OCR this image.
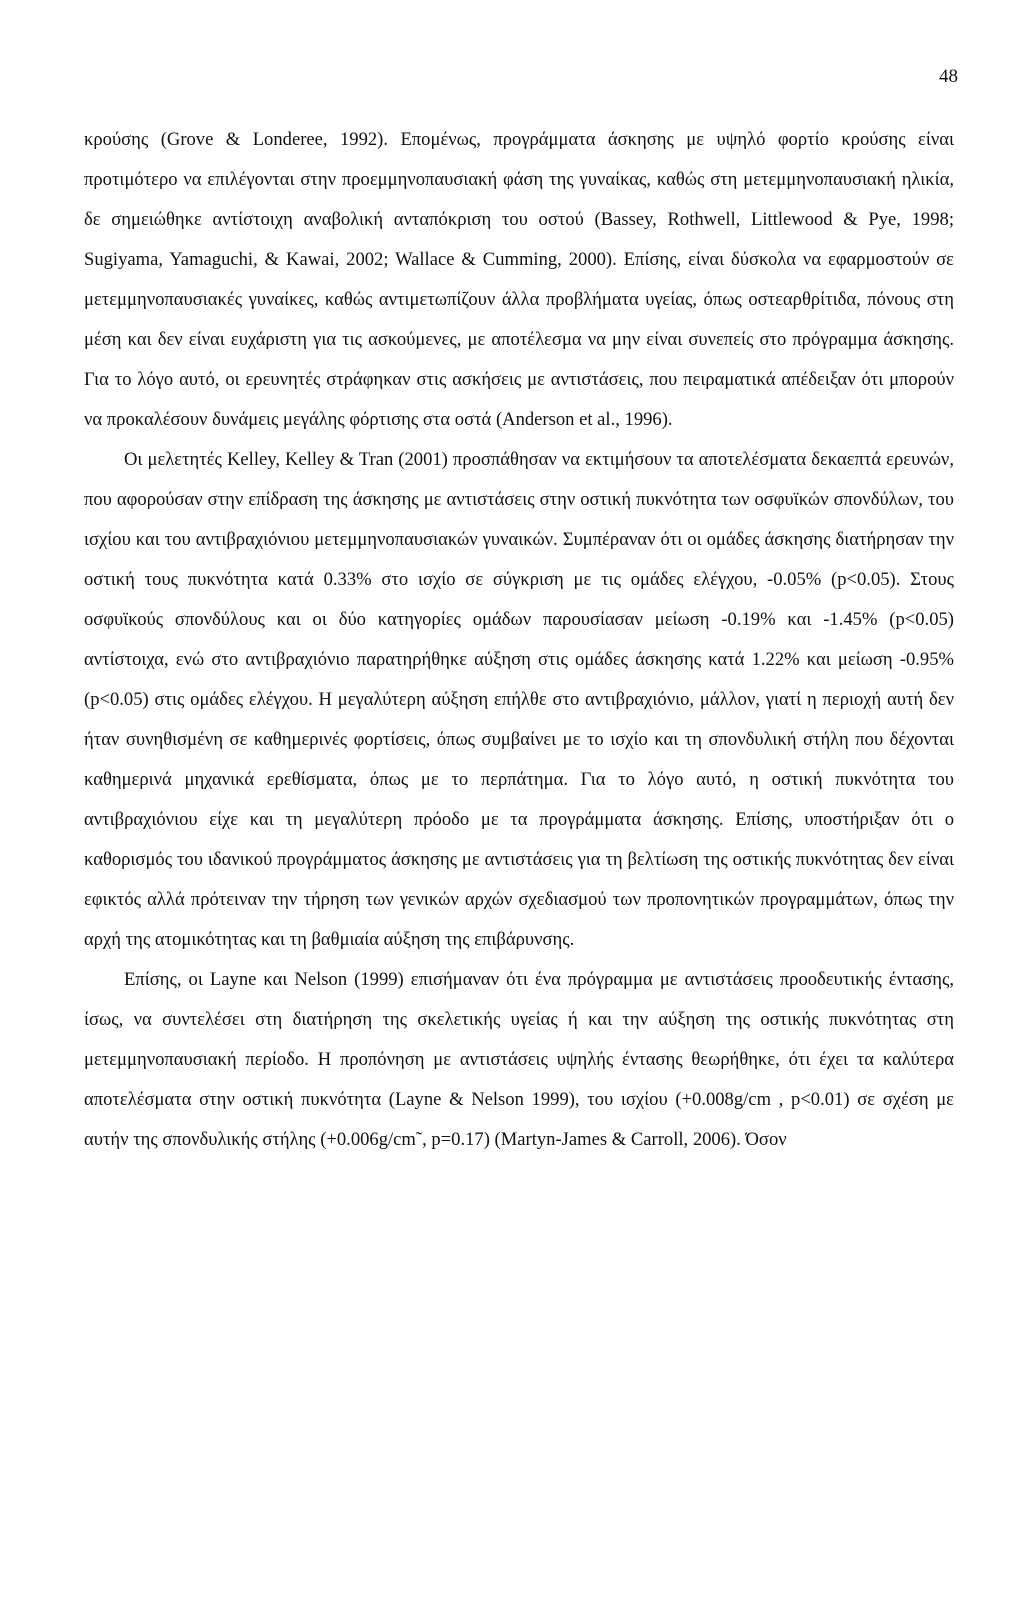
48

κρούσης (Grove & Londeree, 1992). Επομένως, προγράμματα άσκησης με υψηλό φορτίο κρούσης είναι προτιμότερο να επιλέγονται στην προεμμηνοπαυσιακή φάση της γυναίκας, καθώς στη μετεμμηνοπαυσιακή ηλικία, δε σημειώθηκε αντίστοιχη αναβολική ανταπόκριση του οστού (Bassey, Rothwell, Littlewood & Pye, 1998; Sugiyama, Yamaguchi, & Kawai, 2002; Wallace & Cumming, 2000). Επίσης, είναι δύσκολα να εφαρμοστούν σε μετεμμηνοπαυσιακές γυναίκες, καθώς αντιμετωπίζουν άλλα προβλήματα υγείας, όπως οστεαρθρίτιδα, πόνους στη μέση και δεν είναι ευχάριστη για τις ασκούμενες, με αποτέλεσμα να μην είναι συνεπείς στο πρόγραμμα άσκησης. Για το λόγο αυτό, οι ερευνητές στράφηκαν στις ασκήσεις με αντιστάσεις, που πειραματικά απέδειξαν ότι μπορούν να προκαλέσουν δυνάμεις μεγάλης φόρτισης στα οστά (Anderson et al., 1996).

Οι μελετητές Kelley, Kelley & Tran (2001) προσπάθησαν να εκτιμήσουν τα αποτελέσματα δεκαεπτά ερευνών, που αφορούσαν στην επίδραση της άσκησης με αντιστάσεις στην οστική πυκνότητα των οσφυϊκών σπονδύλων, του ισχίου και του αντιβραχιόνιου μετεμμηνοπαυσιακών γυναικών. Συμπέραναν ότι οι ομάδες άσκησης διατήρησαν την οστική τους πυκνότητα κατά 0.33% στο ισχίο σε σύγκριση με τις ομάδες ελέγχου, -0.05% (p<0.05). Στους οσφυϊκούς σπονδύλους και οι δύο κατηγορίες ομάδων παρουσίασαν μείωση -0.19% και -1.45% (p<0.05) αντίστοιχα, ενώ στο αντιβραχιόνιο παρατηρήθηκε αύξηση στις ομάδες άσκησης κατά 1.22% και μείωση -0.95% (p<0.05) στις ομάδες ελέγχου. Η μεγαλύτερη αύξηση επήλθε στο αντιβραχιόνιο, μάλλον, γιατί η περιοχή αυτή δεν ήταν συνηθισμένη σε καθημερινές φορτίσεις, όπως συμβαίνει με το ισχίο και τη σπονδυλική στήλη που δέχονται καθημερινά μηχανικά ερεθίσματα, όπως με το περπάτημα. Για το λόγο αυτό, η οστική πυκνότητα του αντιβραχιόνιου είχε και τη μεγαλύτερη πρόοδο με τα προγράμματα άσκησης. Επίσης, υποστήριξαν ότι ο καθορισμός του ιδανικού προγράμματος άσκησης με αντιστάσεις για τη βελτίωση της οστικής πυκνότητας δεν είναι εφικτός αλλά πρότειναν την τήρηση των γενικών αρχών σχεδιασμού των προπονητικών προγραμμάτων, όπως την αρχή της ατομικότητας και τη βαθμιαία αύξηση της επιβάρυνσης.

Επίσης, οι Layne και Nelson (1999) επισήμαναν ότι ένα πρόγραμμα με αντιστάσεις προοδευτικής έντασης, ίσως, να συντελέσει στη διατήρηση της σκελετικής υγείας ή και την αύξηση της οστικής πυκνότητας στη μετεμμηνοπαυσιακή περίοδο. Η προπόνηση με αντιστάσεις υψηλής έντασης θεωρήθηκε, ότι έχει τα καλύτερα αποτελέσματα στην οστική πυκνότητα (Layne & Nelson 1999), του ισχίου (+0.008g/cm , p<0.01) σε σχέση με αυτήν της σπονδυλικής στήλης (+0.006g/cm˜, p=0.17) (Martyn-James & Carroll, 2006). Όσον
